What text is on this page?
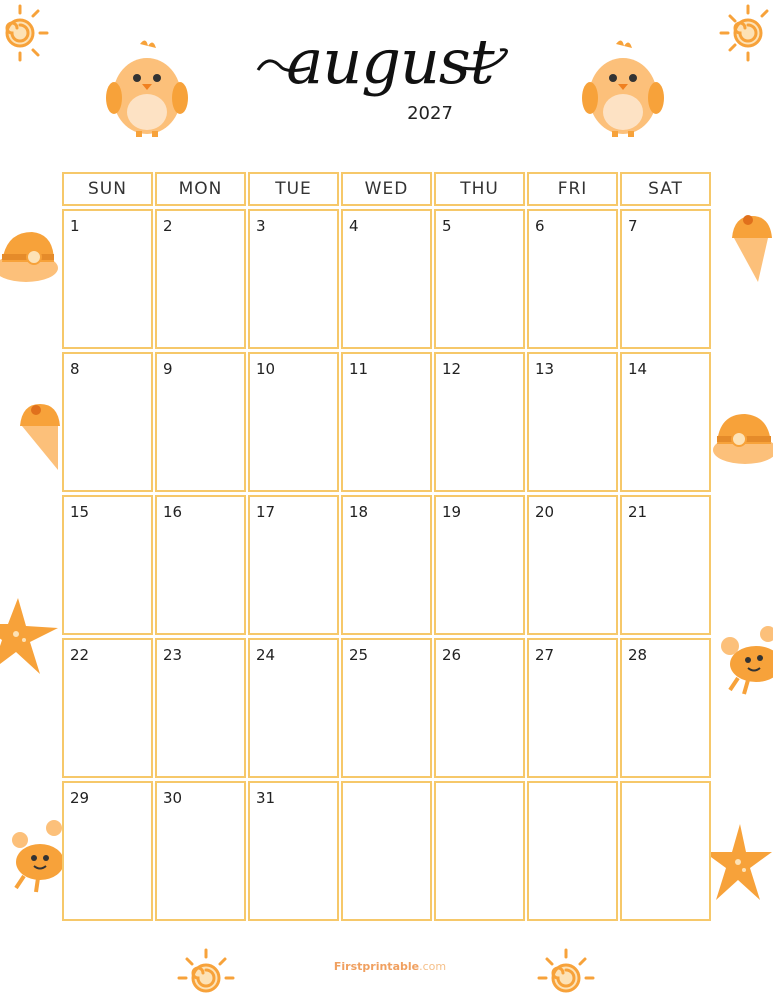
august
2027
SUN	MON	TUE	WED	THU	FRI	SAT
1	2	3	4	5	6	7
8	9	10	11	12	13	14
15	16	17	18	19	20	21
22	23	24	25	26	27	28
29	30	31
Firstprintable.com
